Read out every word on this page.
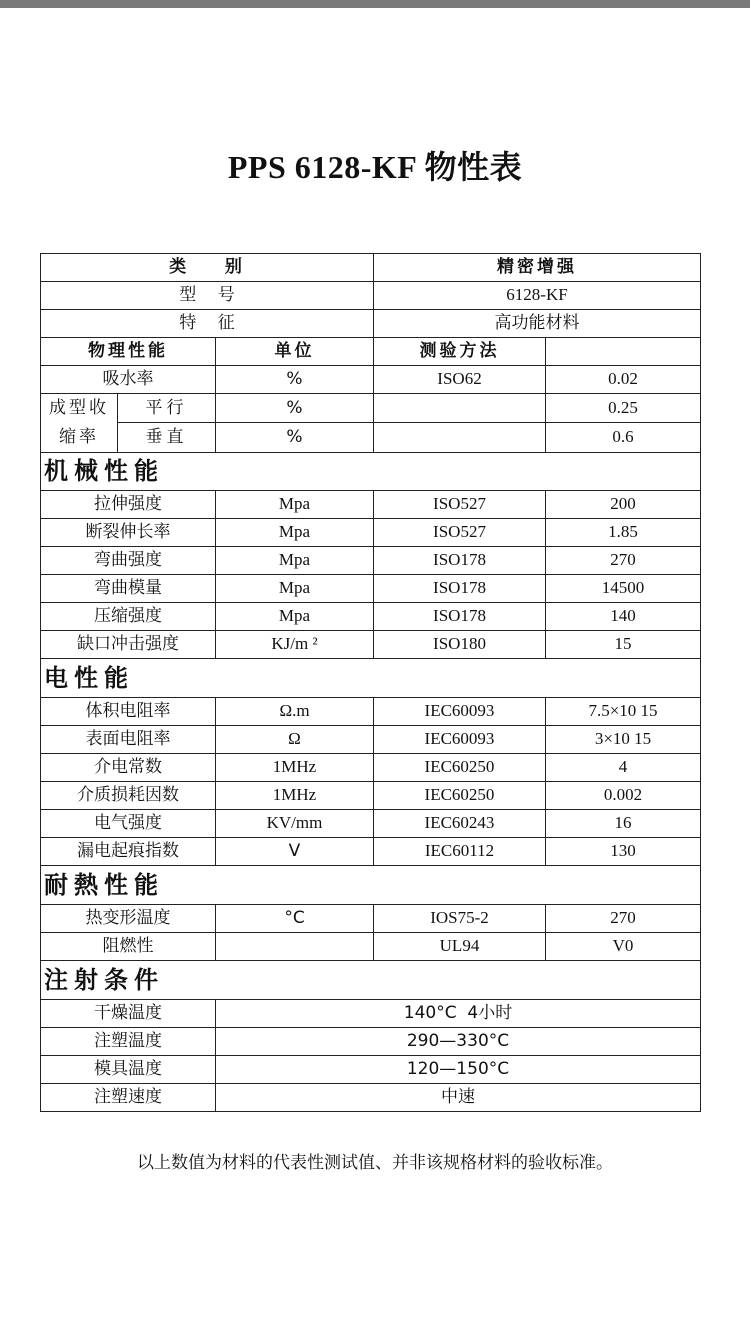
PPS 6128-KF 物性表
类    别			精密增强	
型    号			6128-KF	
特    征			高功能材料	
物理性能		单位	测验方法	
吸水率		%	ISO62	0.02
成型收缩率	平行	%		0.25
	垂直	%		0.6
机械性能				
拉伸强度		Mpa	ISO527	200
断裂伸长率		Mpa	ISO527	1.85
弯曲强度		Mpa	ISO178	270
弯曲模量		Mpa	ISO178	14500
压缩强度		Mpa	ISO178	140
缺口冲击强度		KJ/m ²	ISO180	15
电性能				
体积电阻率		Ω.m	IEC60093	7.5×10 15
表面电阻率		Ω	IEC60093	3×10 15
介电常数		1MHz	IEC60250	4
介质损耗因数		1MHz	IEC60250	0.002
电气强度		KV/mm	IEC60243	16
漏电起痕指数		V	IEC60112	130
耐熱性能				
热变形温度		°C	IOS75-2	270
阻燃性			UL94	V0
注射条件				
干燥温度		140°C  4小时		
注塑温度		290—330°C		
模具温度		120—150°C		
注塑速度		中速		
以上数值为材料的代表性测试值、并非该规格材料的验收标准。
